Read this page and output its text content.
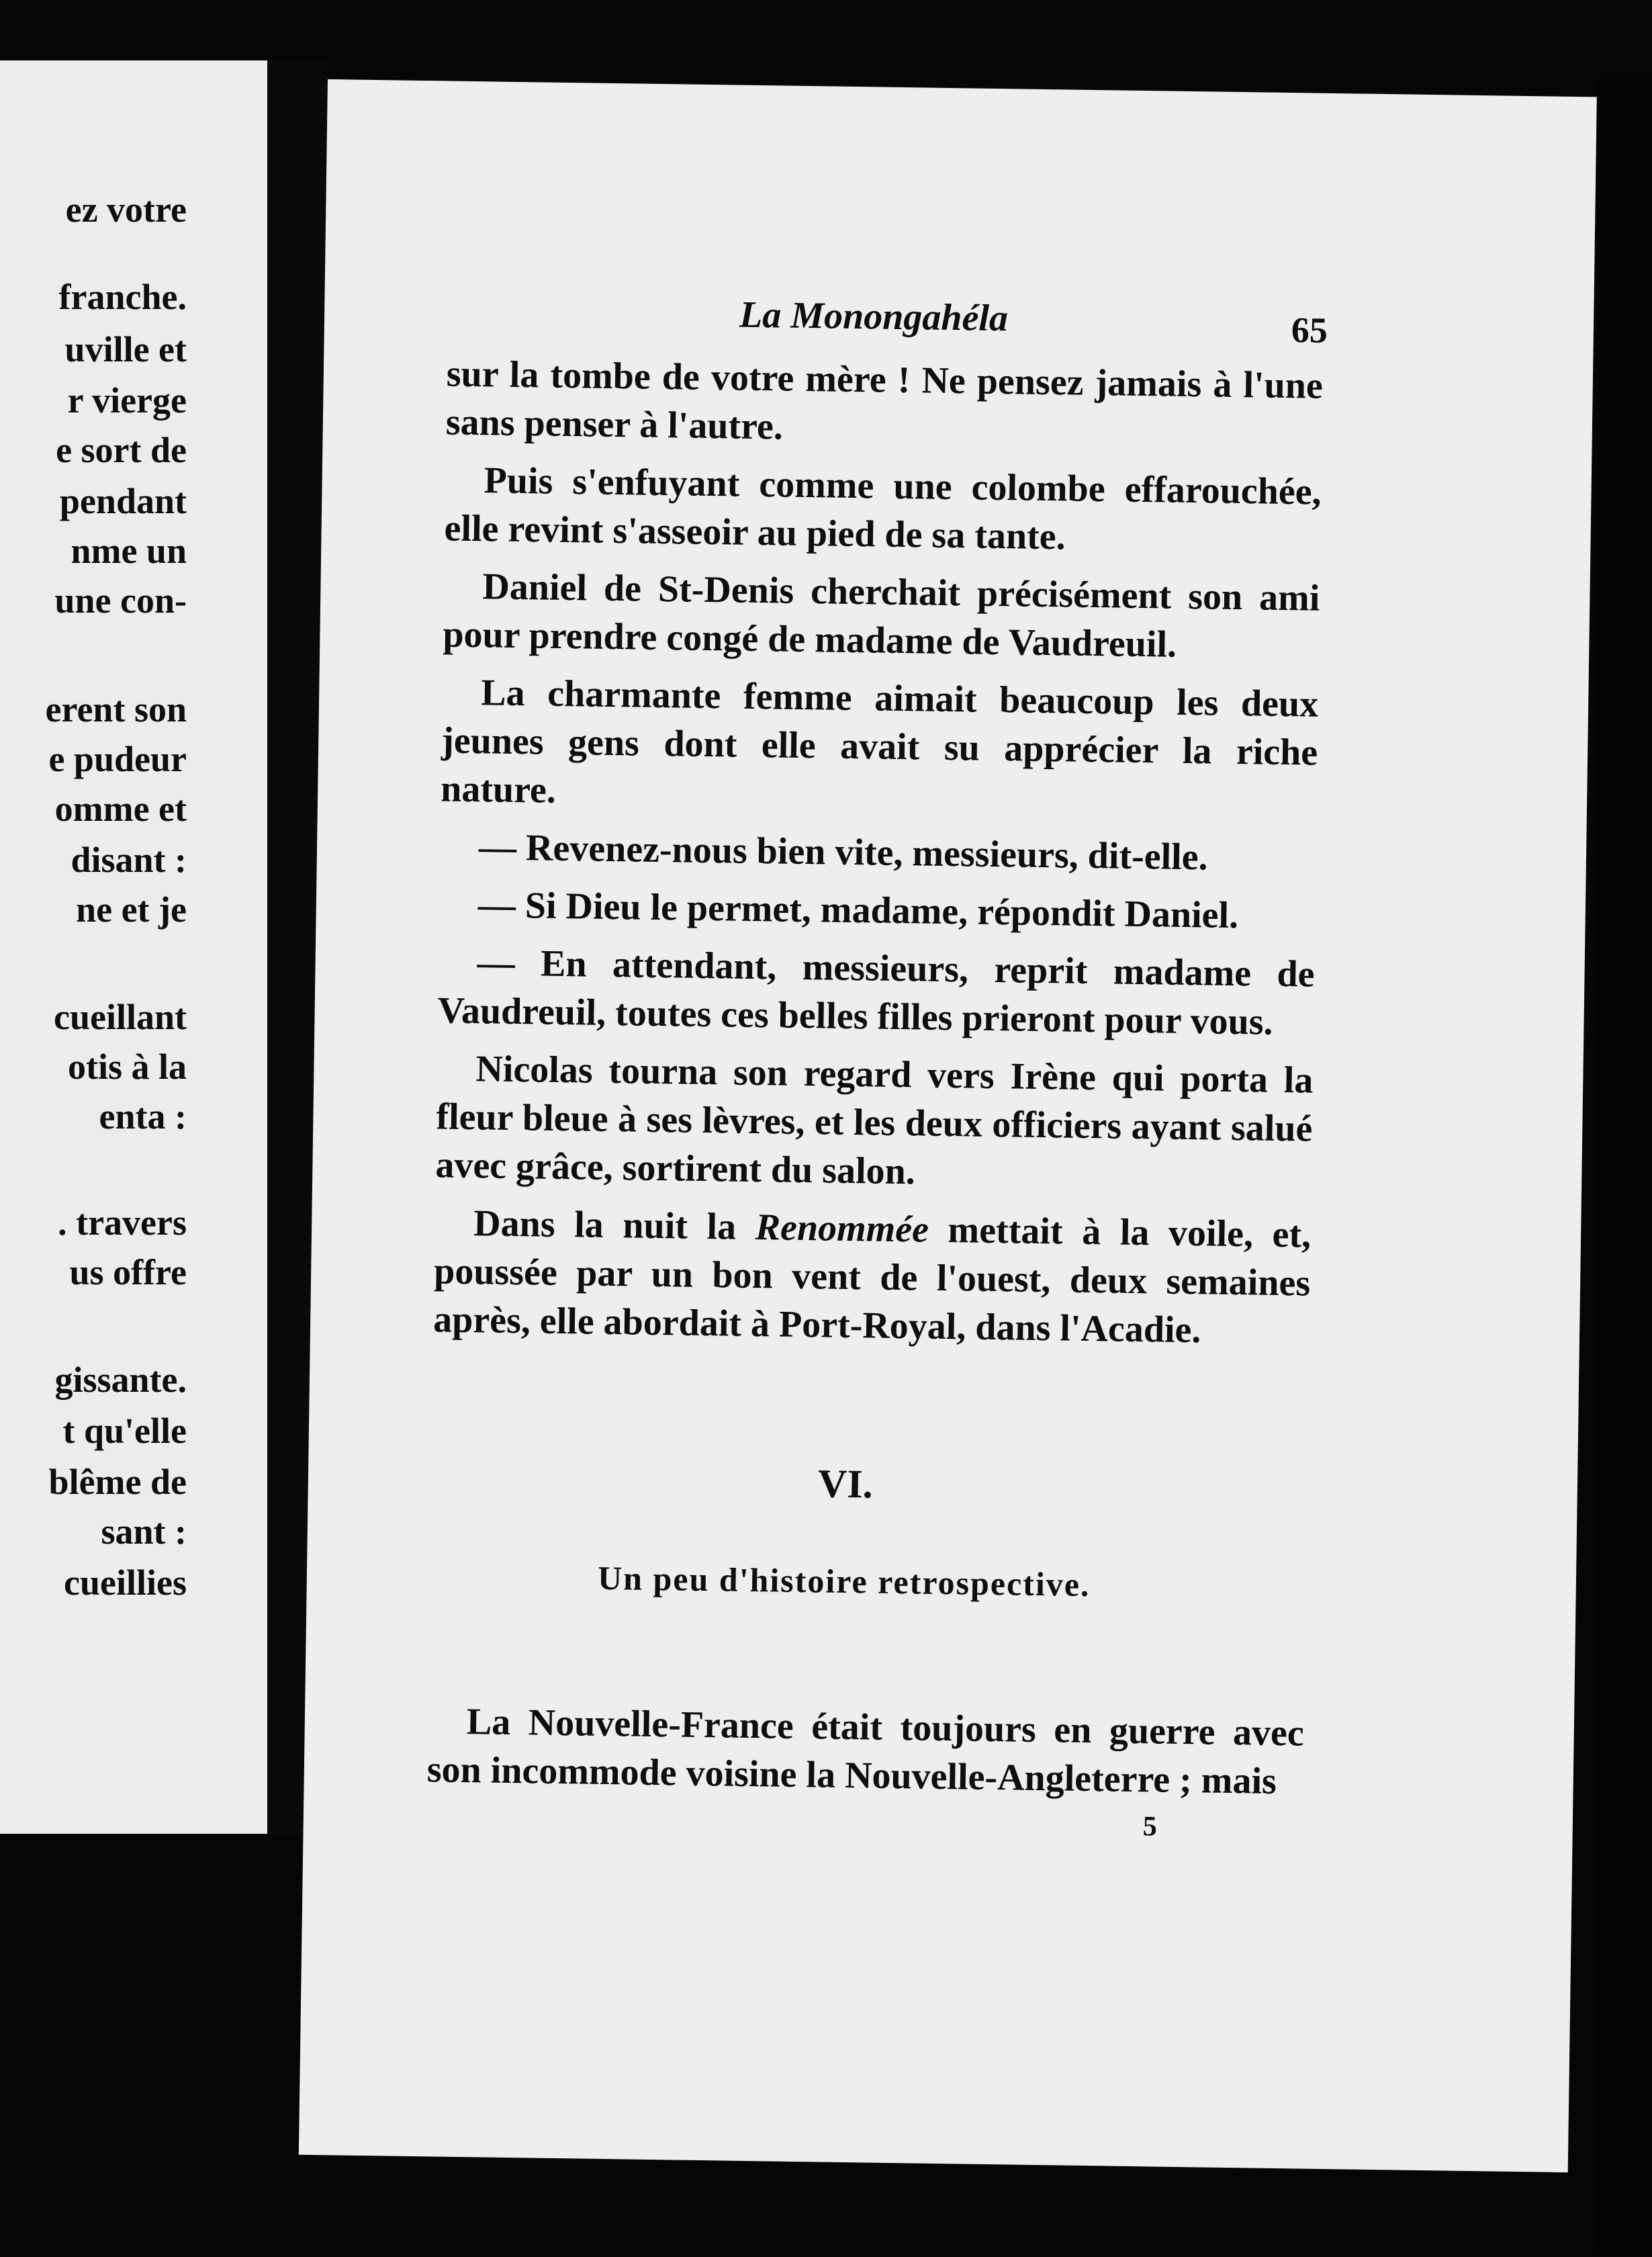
ez votre
franche.
uville et
r vierge
e sort de
pendant
nme un
une con-
erent son
e pudeur
omme et
disant :
ne et je
cueillant
otis à la
enta :
. travers
us offre
gissante.
t qu'elle
blême de
sant :
cueillies
La Monongahéla	65

sur la tombe de votre mère ! Ne pensez jamais à l'une sans penser à l'autre.

Puis s'enfuyant comme une colombe effarouchée, elle revint s'asseoir au pied de sa tante.

Daniel de St-Denis cherchait précisément son ami pour prendre congé de madame de Vaudreuil.

La charmante femme aimait beaucoup les deux jeunes gens dont elle avait su apprécier la riche nature.

— Revenez-nous bien vite, messieurs, dit-elle.

— Si Dieu le permet, madame, répondit Daniel.

— En attendant, messieurs, reprit madame de Vaudreuil, toutes ces belles filles prieront pour vous.

Nicolas tourna son regard vers Irène qui porta la fleur bleue à ses lèvres, et les deux officiers ayant salué avec grâce, sortirent du salon.

Dans la nuit la Renommée mettait à la voile, et, poussée par un bon vent de l'ouest, deux semaines après, elle abordait à Port-Royal, dans l'Acadie.

VI.
Un peu d'histoire retrospective.

La Nouvelle-France était toujours en guerre avec son incommode voisine la Nouvelle-Angleterre ; mais

5
